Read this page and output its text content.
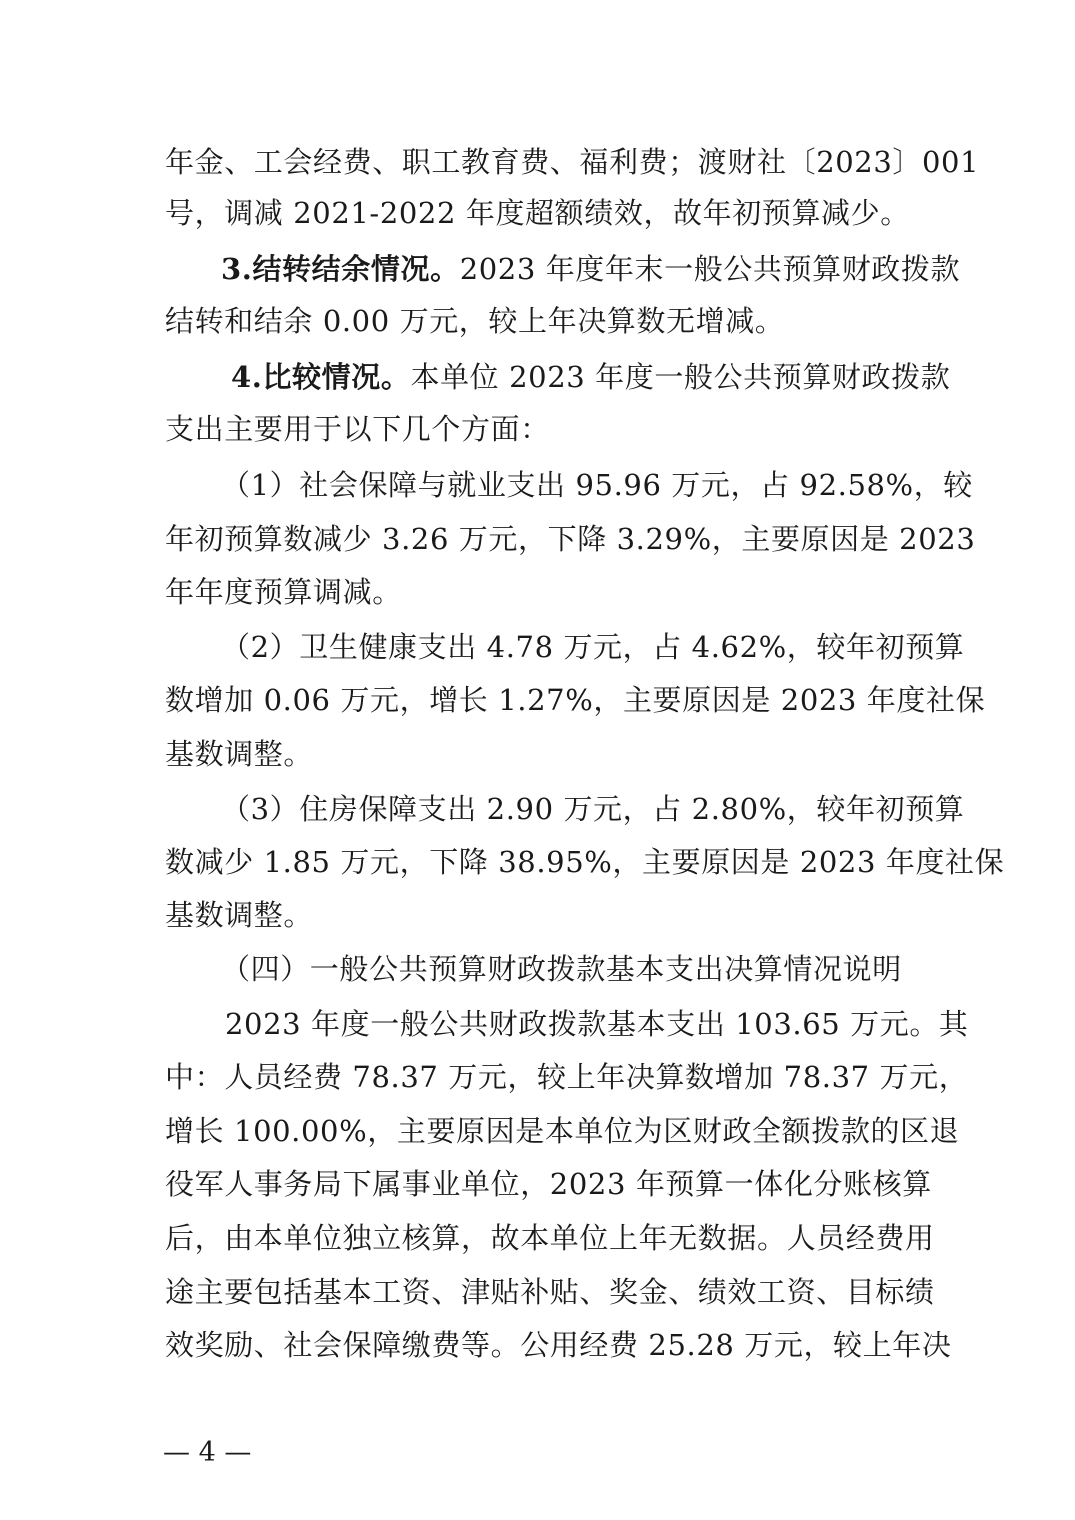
年金、工会经费、职工教育费、福利费；渡财社〔2023〕001
号，调减 2021-2022 年度超额绩效，故年初预算减少。
3.结转结余情况。2023 年度年末一般公共预算财政拨款
结转和结余 0.00 万元，较上年决算数无增减。
4.比较情况。本单位 2023 年度一般公共预算财政拨款
支出主要用于以下几个方面：
（1）社会保障与就业支出 95.96 万元，占 92.58%，较
年初预算数减少 3.26 万元，下降 3.29%，主要原因是 2023
年年度预算调减。
（2）卫生健康支出 4.78 万元，占 4.62%，较年初预算
数增加 0.06 万元，增长 1.27%，主要原因是 2023 年度社保
基数调整。
（3）住房保障支出 2.90 万元，占 2.80%，较年初预算
数减少 1.85 万元，下降 38.95%，主要原因是 2023 年度社保
基数调整。
（四）一般公共预算财政拨款基本支出决算情况说明
2023 年度一般公共财政拨款基本支出 103.65 万元。其
中：人员经费 78.37 万元，较上年决算数增加 78.37 万元，
增长 100.00%，主要原因是本单位为区财政全额拨款的区退
役军人事务局下属事业单位，2023 年预算一体化分账核算
后，由本单位独立核算，故本单位上年无数据。人员经费用
途主要包括基本工资、津贴补贴、奖金、绩效工资、目标绩
效奖励、社会保障缴费等。公用经费 25.28 万元，较上年决
— 4 —
